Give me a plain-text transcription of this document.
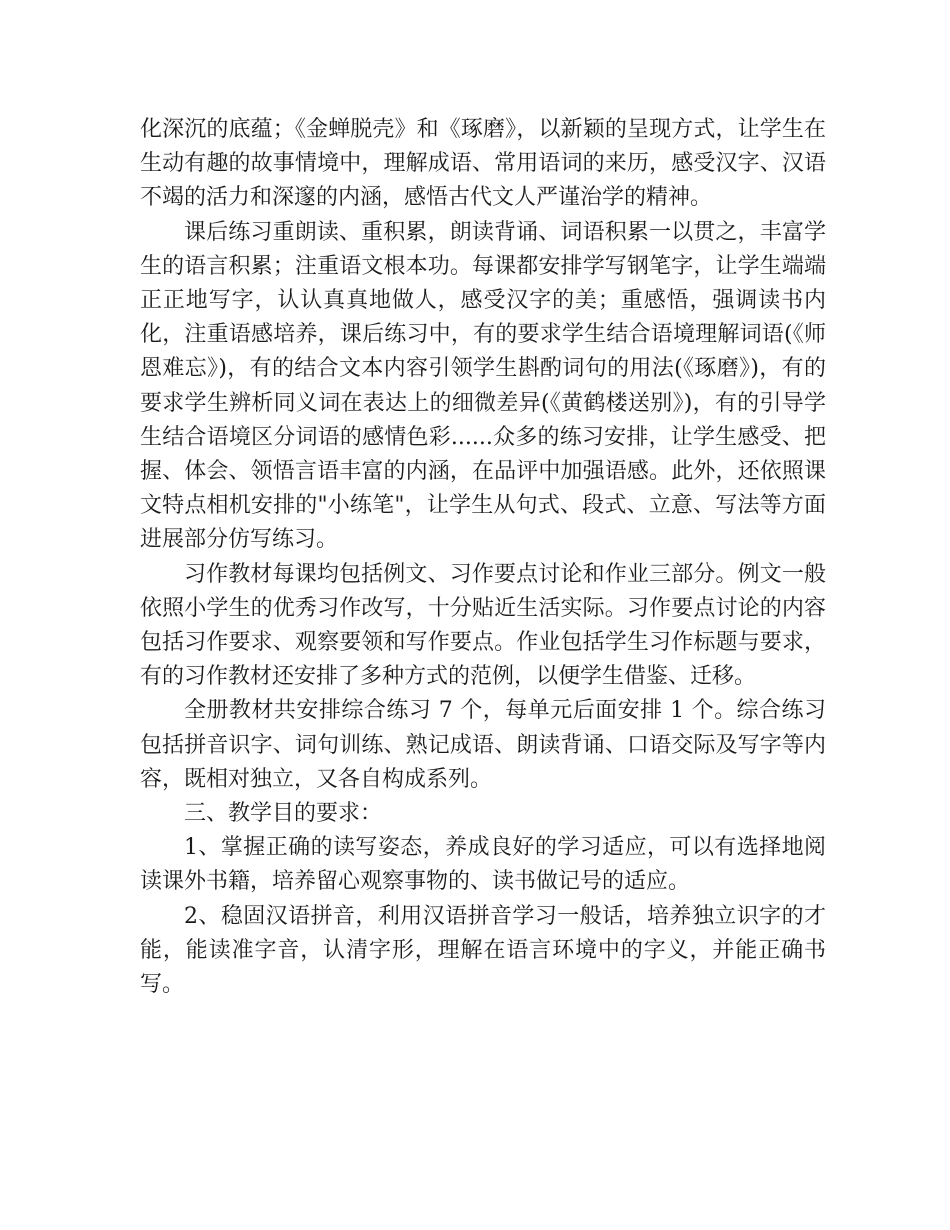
化深沉的底蕴；《金蝉脱壳》和《琢磨》，以新颖的呈现方式，让学生在生动有趣的故事情境中，理解成语、常用语词的来历，感受汉字、汉语不竭的活力和深邃的内涵，感悟古代文人严谨治学的精神。

课后练习重朗读、重积累，朗读背诵、词语积累一以贯之，丰富学生的语言积累；注重语文根本功。每课都安排学写钢笔字，让学生端端正正地写字，认认真真地做人，感受汉字的美；重感悟，强调读书内化，注重语感培养，课后练习中，有的要求学生结合语境理解词语(《师恩难忘》)，有的结合文本内容引领学生斟酌词句的用法(《琢磨》)，有的要求学生辨析同义词在表达上的细微差异(《黄鹤楼送别》)，有的引导学生结合语境区分词语的感情色彩......众多的练习安排，让学生感受、把握、体会、领悟言语丰富的内涵，在品评中加强语感。此外，还依照课文特点相机安排的"小练笔"，让学生从句式、段式、立意、写法等方面进展部分仿写练习。

习作教材每课均包括例文、习作要点讨论和作业三部分。例文一般依照小学生的优秀习作改写，十分贴近生活实际。习作要点讨论的内容包括习作要求、观察要领和写作要点。作业包括学生习作标题与要求，有的习作教材还安排了多种方式的范例，以便学生借鉴、迁移。

全册教材共安排综合练习 7 个，每单元后面安排 1 个。综合练习包括拼音识字、词句训练、熟记成语、朗读背诵、口语交际及写字等内容，既相对独立，又各自构成系列。

三、教学目的要求：

1、掌握正确的读写姿态，养成良好的学习适应，可以有选择地阅读课外书籍，培养留心观察事物的、读书做记号的适应。

2、稳固汉语拼音，利用汉语拼音学习一般话，培养独立识字的才能，能读准字音，认清字形，理解在语言环境中的字义，并能正确书写。
